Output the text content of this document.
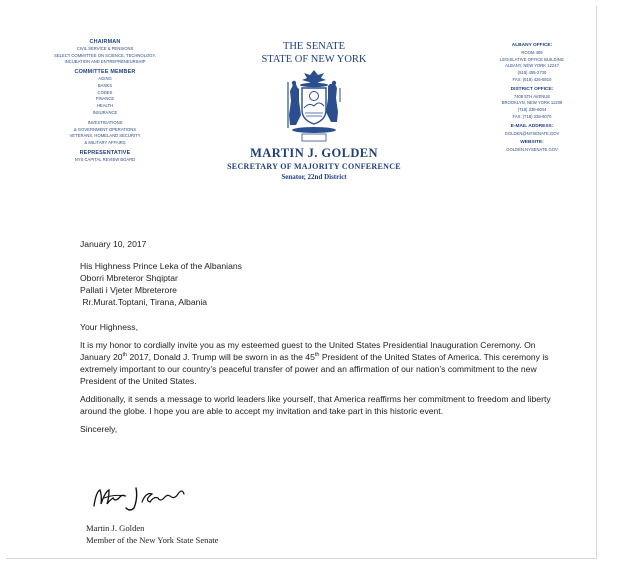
CHAIRMAN
CIVIL SERVICE & PENSIONS
SELECT COMMITTEE ON SCIENCE, TECHNOLOGY,
INCUBATION AND ENTREPRENEURSHIP
COMMITTEE MEMBER
AGING
BANKS
CODES
FINANCE
HEALTH
INSURANCE
INVESTIGATIONS
& GOVERNMENT OPERATIONS
VETERANS, HOMELAND SECURITY
& MILITARY AFFAIRS
REPRESENTATIVE
NYS CAPITAL REVIEW BOARD
THE SENATE
STATE OF NEW YORK
MARTIN J. GOLDEN
SECRETARY OF MAJORITY CONFERENCE
Senator, 22nd District
ALBANY OFFICE:
ROOM 409
LEGISLATIVE OFFICE BUILDING
ALBANY, NEW YORK 12247
(518) 455-2730
FAX: (518) 426-6910
DISTRICT OFFICE:
7408 5TH AVENUE
BROOKLYN, NEW YORK 11209
(718) 238-6044
FAX: (718) 238-6070
E-MAIL ADDRESS:
GOLDEN@NYSENATE.GOV
WEBSITE:
GOLDEN.NYSENATE.GOV

January 10, 2017

His Highness Prince Leka of the Albanians

Oborri Mbreteror Shqiptar

Pallati i Vjeter Mbreterore

Rr.Murat.Toptani, Tirana, Albania

Your Highness,

It is my honor to cordially invite you as my esteemed guest to the United States Presidential Inauguration Ceremony. On January 20th 2017, Donald J. Trump will be sworn in as the 45th President of the United States of America. This ceremony is extremely important to our country’s peaceful transfer of power and an affirmation of our nation’s commitment to the new President of the United States.

Additionally, it sends a message to world leaders like yourself, that America reaffirms her commitment to freedom and liberty around the globe. I hope you are able to accept my invitation and take part in this historic event.

Sincerely,

Martin J. Golden
Member of the New York State Senate
